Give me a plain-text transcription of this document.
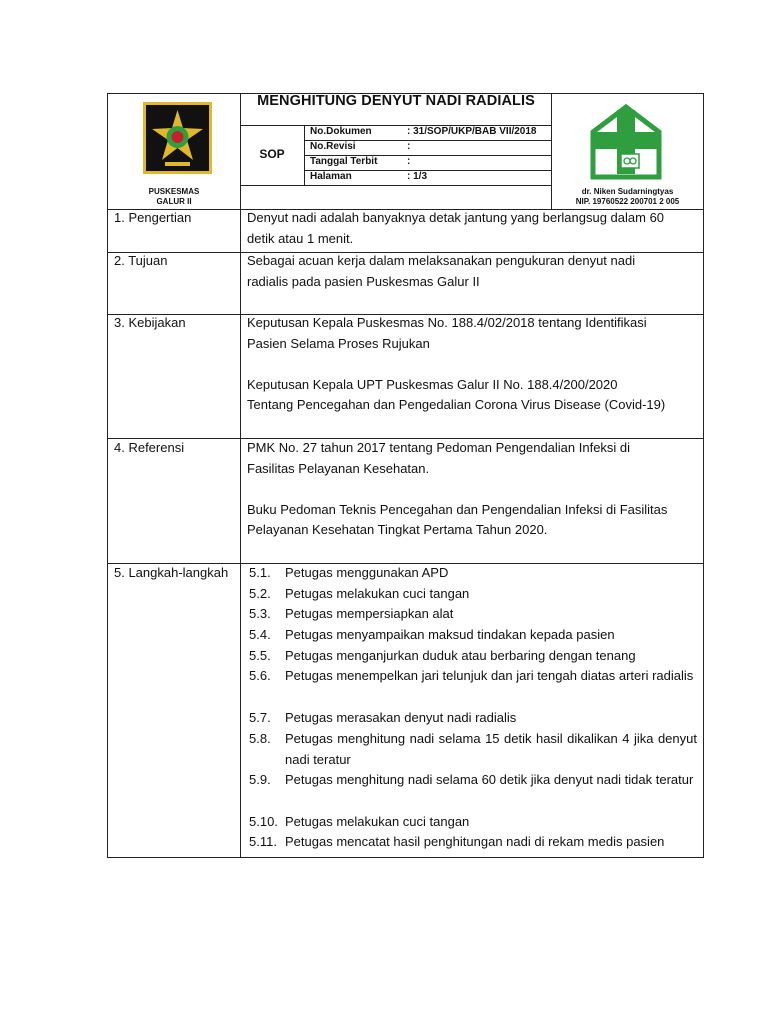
PUSKESMAS
GALUR II
MENGHITUNG DENYUT NADI RADIALIS
SOP
No.Dokumen	: 31/SOP/UKP/BAB VII/2018
No.Revisi	:
Tanggal Terbit	:
Halaman	: 1/3
dr. Niken Sudarningtyas
NIP. 19760522 200701 2 005
1. Pengertian	Denyut nadi adalah banyaknya detak jantung yang berlangsug dalam 60
detik atau 1 menit.
2. Tujuan	Sebagai acuan kerja dalam melaksanakan pengukuran denyut nadi
radialis pada pasien Puskesmas Galur II
3. Kebijakan	Keputusan Kepala Puskesmas No. 188.4/02/2018 tentang Identifikasi
Pasien Selama Proses Rujukan
Keputusan Kepala UPT Puskesmas Galur II No. 188.4/200/2020
Tentang Pencegahan dan Pengedalian Corona Virus Disease (Covid-19)
4. Referensi	PMK No. 27 tahun 2017 tentang Pedoman Pengendalian Infeksi di
Fasilitas Pelayanan Kesehatan.
Buku Pedoman Teknis Pencegahan dan Pengendalian Infeksi di Fasilitas
Pelayanan Kesehatan Tingkat Pertama Tahun 2020.
5. Langkah-langkah 5.1.	Petugas menggunakan APD
5.2.	Petugas melakukan cuci tangan
5.3.	Petugas mempersiapkan alat
5.4.	Petugas menyampaikan maksud tindakan kepada pasien
5.5.	Petugas menganjurkan duduk atau berbaring dengan tenang
5.6.	Petugas menempelkan jari telunjuk dan jari tengah diatas arteri radialis
5.7.	Petugas merasakan denyut nadi radialis
5.8.	Petugas menghitung nadi selama 15 detik hasil dikalikan 4 jika denyut nadi teratur
5.9.	Petugas menghitung nadi selama 60 detik jika denyut nadi tidak teratur
5.10. Petugas melakukan cuci tangan
5.11. Petugas mencatat hasil penghitungan nadi di rekam medis pasien
